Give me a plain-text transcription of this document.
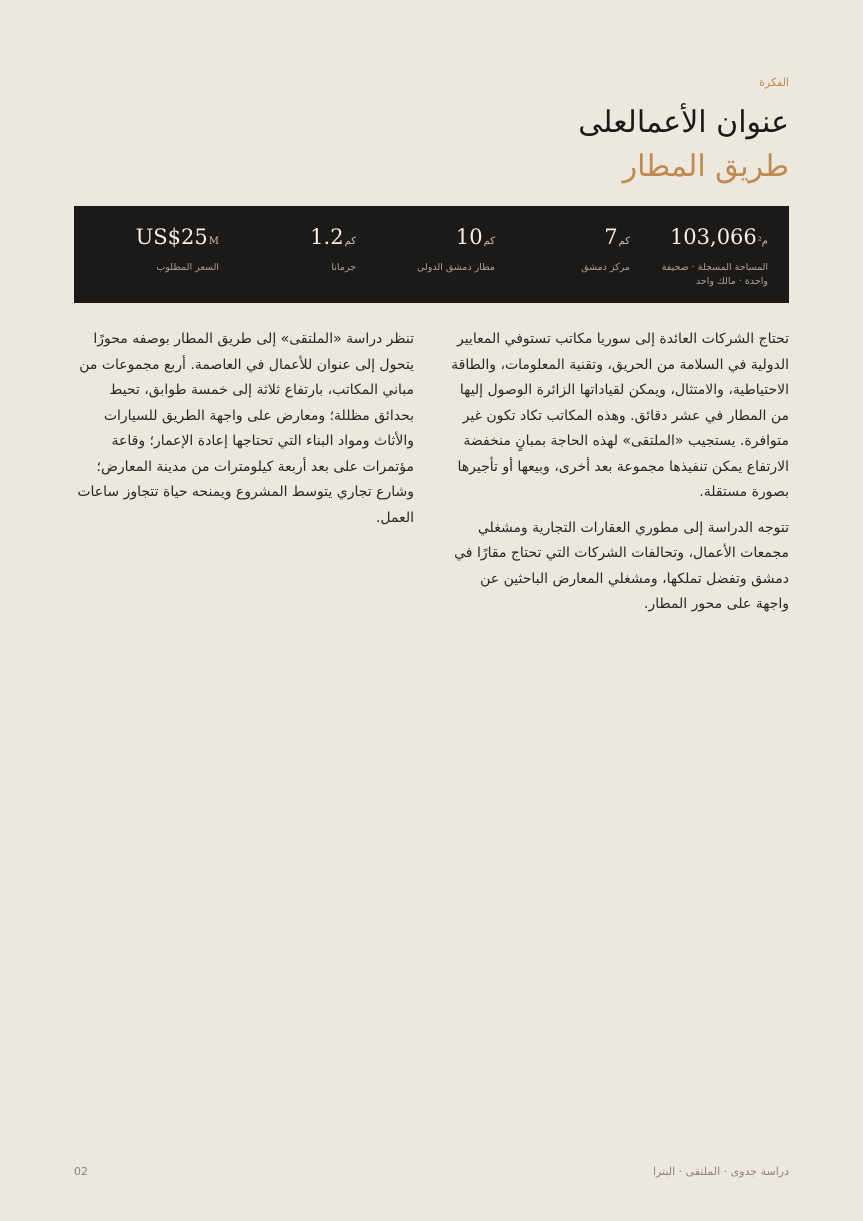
الفكرة
عنوان الأعمالعلى
طريق المطار
103,066م²
المساحة المسجلة · صحيفة واحدة · مالك واحد
7كم
مركز دمشق
10كم
مطار دمشق الدولي
1.2كم
جرمانا
US$25M
السعر المطلوب

تنظر دراسة «الملتقى» إلى طريق المطار بوصفه محورًا يتحول إلى عنوان للأعمال في العاصمة. أربع مجموعات من مباني المكاتب، بارتفاع ثلاثة إلى خمسة طوابق، تحيط بحدائق مظللة؛ ومعارض على واجهة الطريق للسيارات والأثاث ومواد البناء التي تحتاجها إعادة الإعمار؛ وقاعة مؤتمرات على بعد أربعة كيلومترات من مدينة المعارض؛ وشارع تجاري يتوسط المشروع ويمنحه حياة تتجاوز ساعات العمل.

تحتاج الشركات العائدة إلى سوريا مكاتب تستوفي المعايير الدولية في السلامة من الحريق، وتقنية المعلومات، والطاقة الاحتياطية، والامتثال، ويمكن لقياداتها الزائرة الوصول إليها من المطار في عشر دقائق. وهذه المكاتب تكاد تكون غير متوافرة. يستجيب «الملتقى» لهذه الحاجة بمبانٍ منخفضة الارتفاع يمكن تنفيذها مجموعة بعد أخرى، وبيعها أو تأجيرها بصورة مستقلة.

تتوجه الدراسة إلى مطوري العقارات التجارية ومشغلي مجمعات الأعمال، وتحالفات الشركات التي تحتاج مقارًا في دمشق وتفضل تملكها، ومشغلي المعارض الباحثين عن واجهة على محور المطار.

02	دراسة جدوى · الملتقى · البترا
